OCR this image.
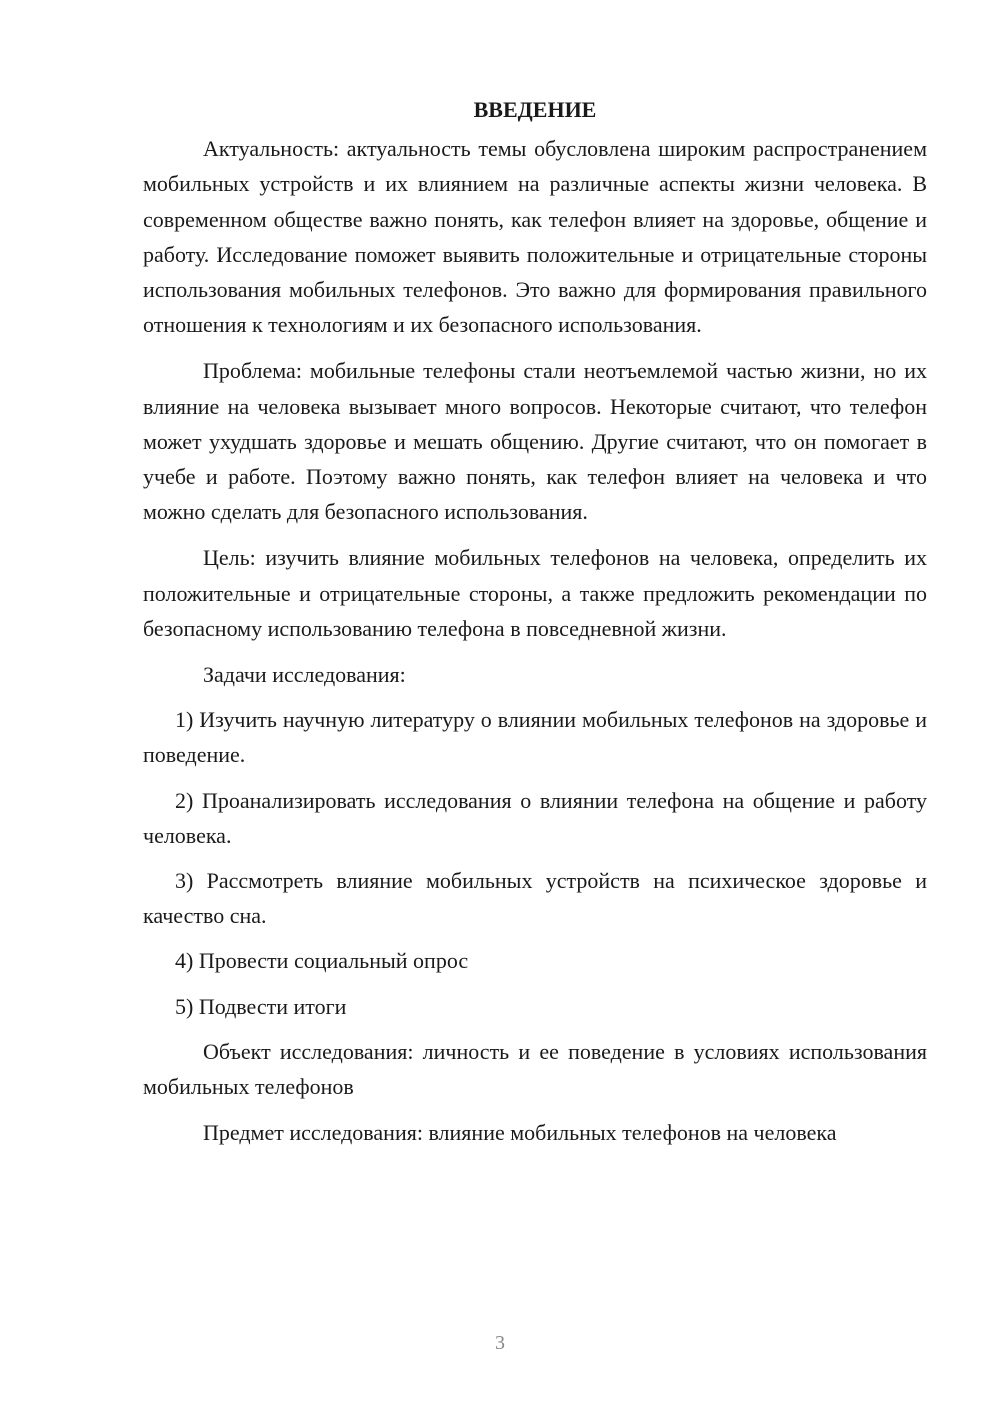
ВВЕДЕНИЕ

Актуальность: актуальность темы обусловлена широким распространением мобильных устройств и их влиянием на различные аспекты жизни человека. В современном обществе важно понять, как телефон влияет на здоровье, общение и работу. Исследование поможет выявить положительные и отрицательные стороны использования мобильных телефонов. Это важно для формирования правильного отношения к технологиям и их безопасного использования.

Проблема: мобильные телефоны стали неотъемлемой частью жизни, но их влияние на человека вызывает много вопросов. Некоторые считают, что телефон может ухудшать здоровье и мешать общению. Другие считают, что он помогает в учебе и работе. Поэтому важно понять, как телефон влияет на человека и что можно сделать для безопасного использования.

Цель: изучить влияние мобильных телефонов на человека, определить их положительные и отрицательные стороны, а также предложить рекомендации по безопасному использованию телефона в повседневной жизни.

Задачи исследования:

1) Изучить научную литературу о влиянии мобильных телефонов на здоровье и поведение.

2) Проанализировать исследования о влиянии телефона на общение и работу человека.

3) Рассмотреть влияние мобильных устройств на психическое здоровье и качество сна.

4) Провести социальный опрос

5) Подвести итоги

Объект исследования: личность и ее поведение в условиях использования мобильных телефонов

Предмет исследования: влияние мобильных телефонов на человека

3
